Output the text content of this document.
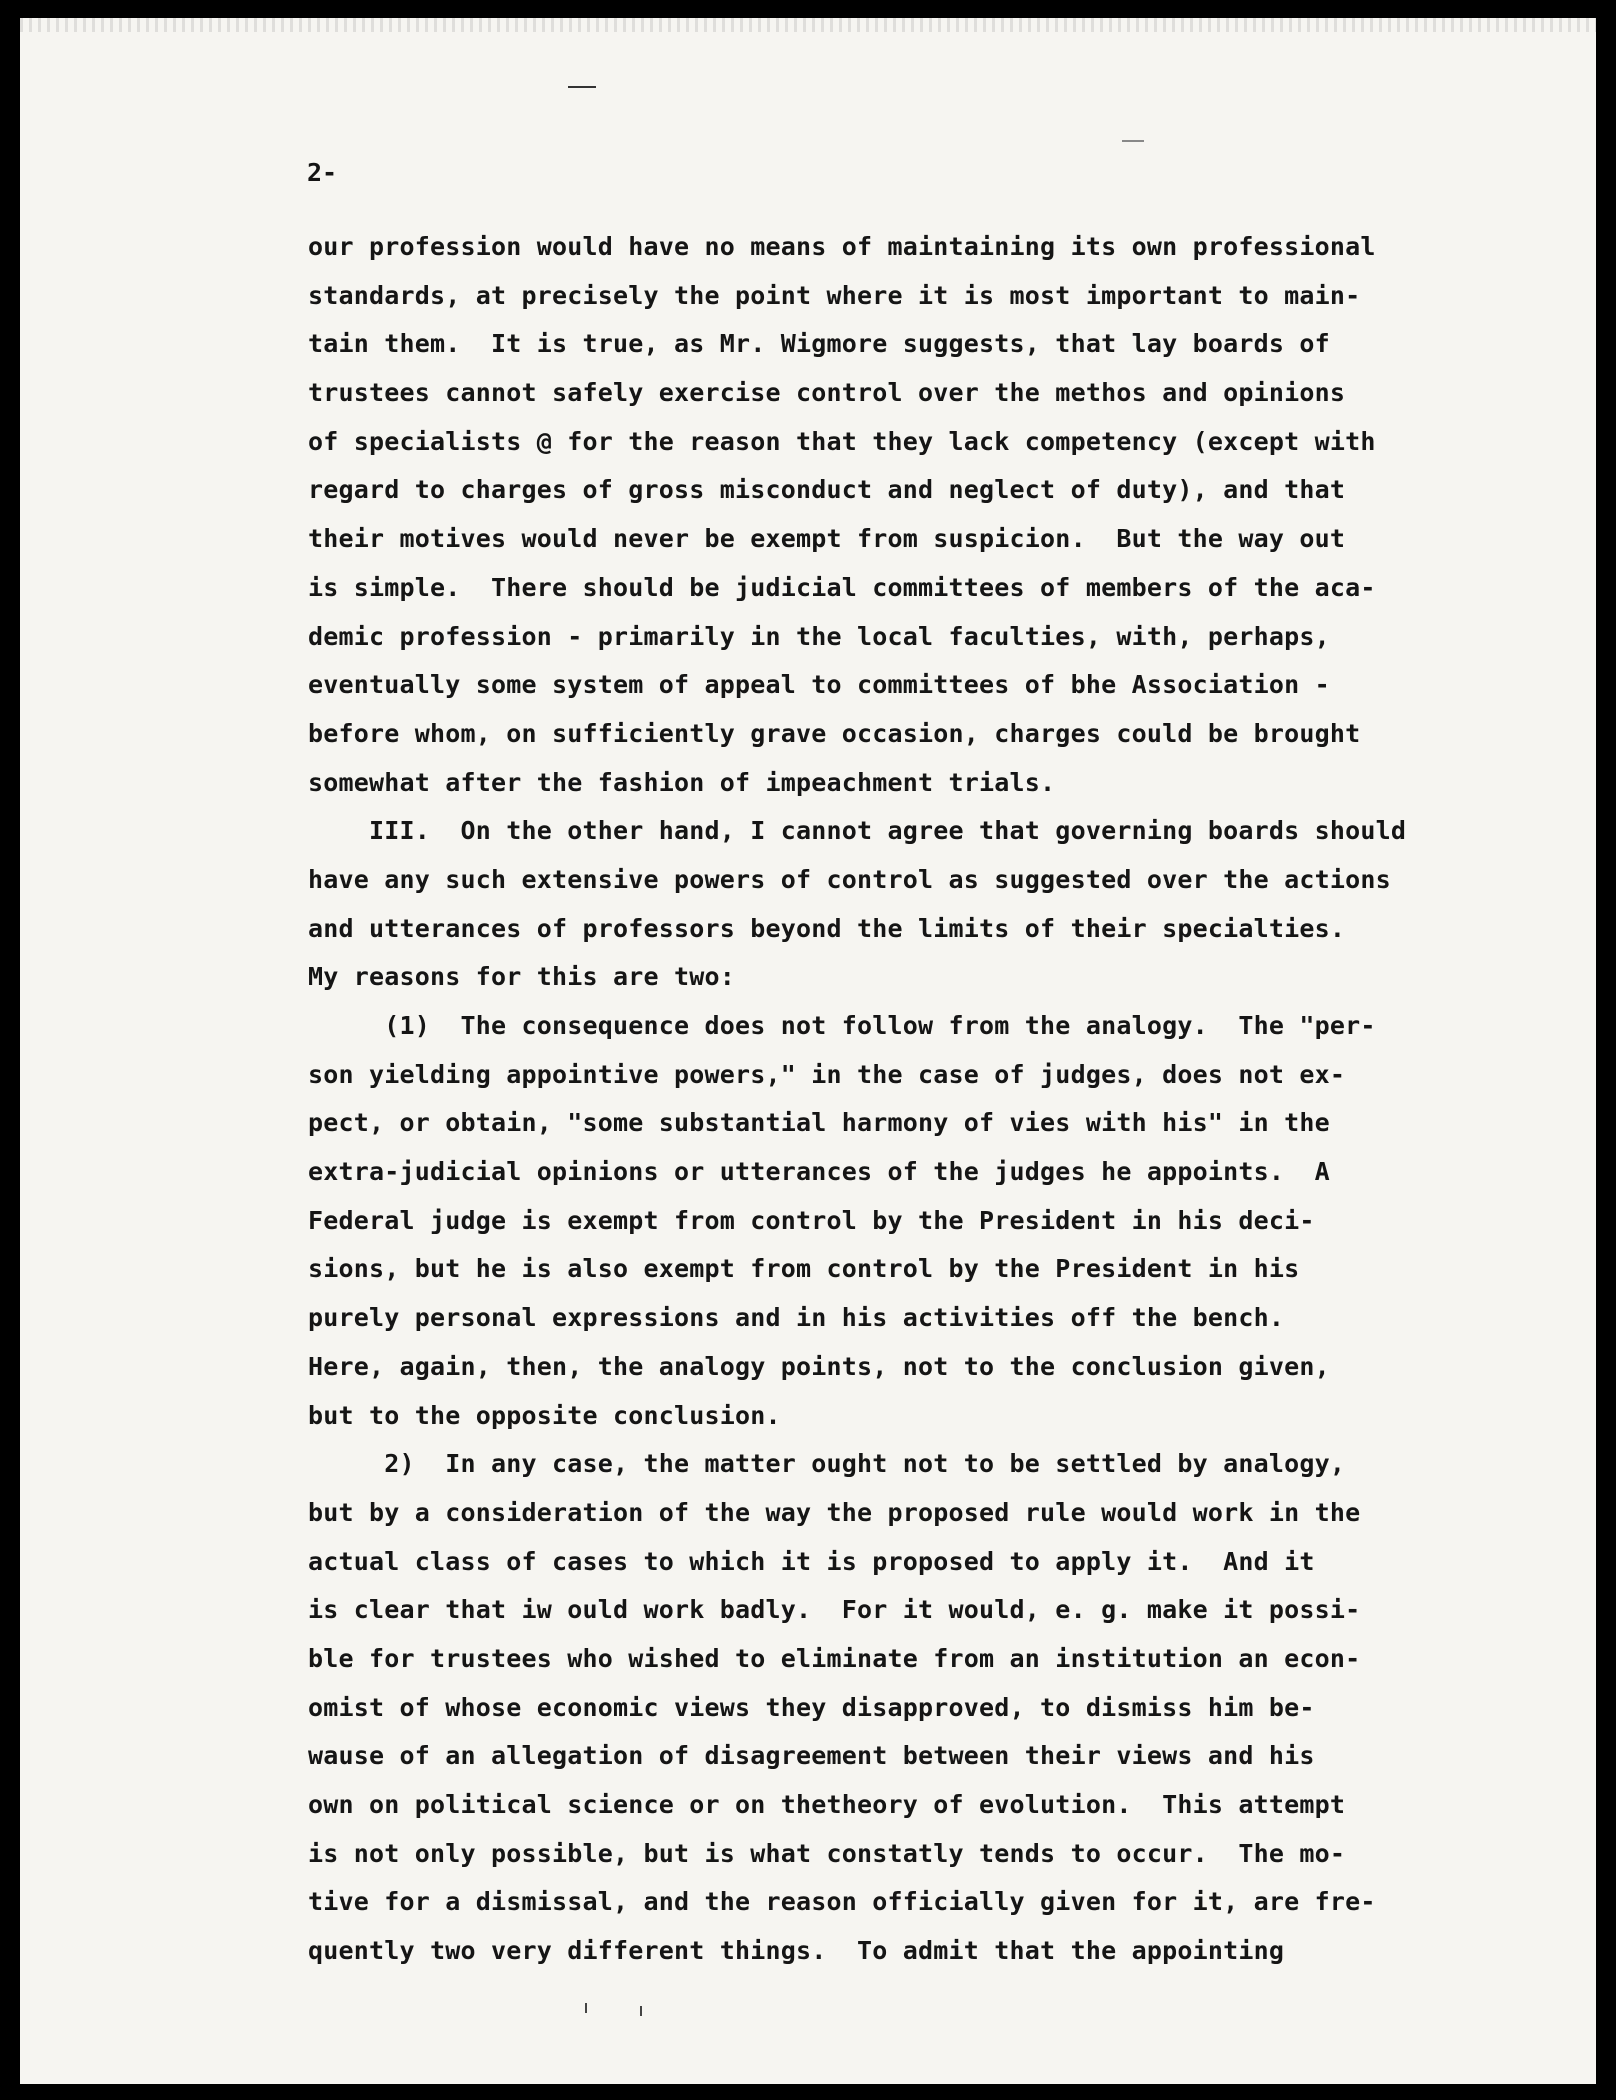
2-
our profession would have no means of maintaining its own professional
standards, at precisely the point where it is most important to main-
tain them.  It is true, as Mr. Wigmore suggests, that lay boards of
trustees cannot safely exercise control over the methos and opinions
of specialists @ for the reason that they lack competency (except with
regard to charges of gross misconduct and neglect of duty), and that
their motives would never be exempt from suspicion.  But the way out
is simple.  There should be judicial committees of members of the aca-
demic profession - primarily in the local faculties, with, perhaps,
eventually some system of appeal to committees of bhe Association -
before whom, on sufficiently grave occasion, charges could be brought
somewhat after the fashion of impeachment trials.
III.  On the other hand, I cannot agree that governing boards should
have any such extensive powers of control as suggested over the actions
and utterances of professors beyond the limits of their specialties.
My reasons for this are two:
(1)  The consequence does not follow from the analogy.  The "per-
son yielding appointive powers," in the case of judges, does not ex-
pect, or obtain, "some substantial harmony of vies with his" in the
extra-judicial opinions or utterances of the judges he appoints.  A
Federal judge is exempt from control by the President in his deci-
sions, but he is also exempt from control by the President in his
purely personal expressions and in his activities off the bench.
Here, again, then, the analogy points, not to the conclusion given,
but to the opposite conclusion.
2)  In any case, the matter ought not to be settled by analogy,
but by a consideration of the way the proposed rule would work in the
actual class of cases to which it is proposed to apply it.  And it
is clear that iw ould work badly.  For it would, e. g. make it possi-
ble for trustees who wished to eliminate from an institution an econ-
omist of whose economic views they disapproved, to dismiss him be-
wause of an allegation of disagreement between their views and his
own on political science or on thetheory of evolution.  This attempt
is not only possible, but is what constatly tends to occur.  The mo-
tive for a dismissal, and the reason officially given for it, are fre-
quently two very different things.  To admit that the appointing
